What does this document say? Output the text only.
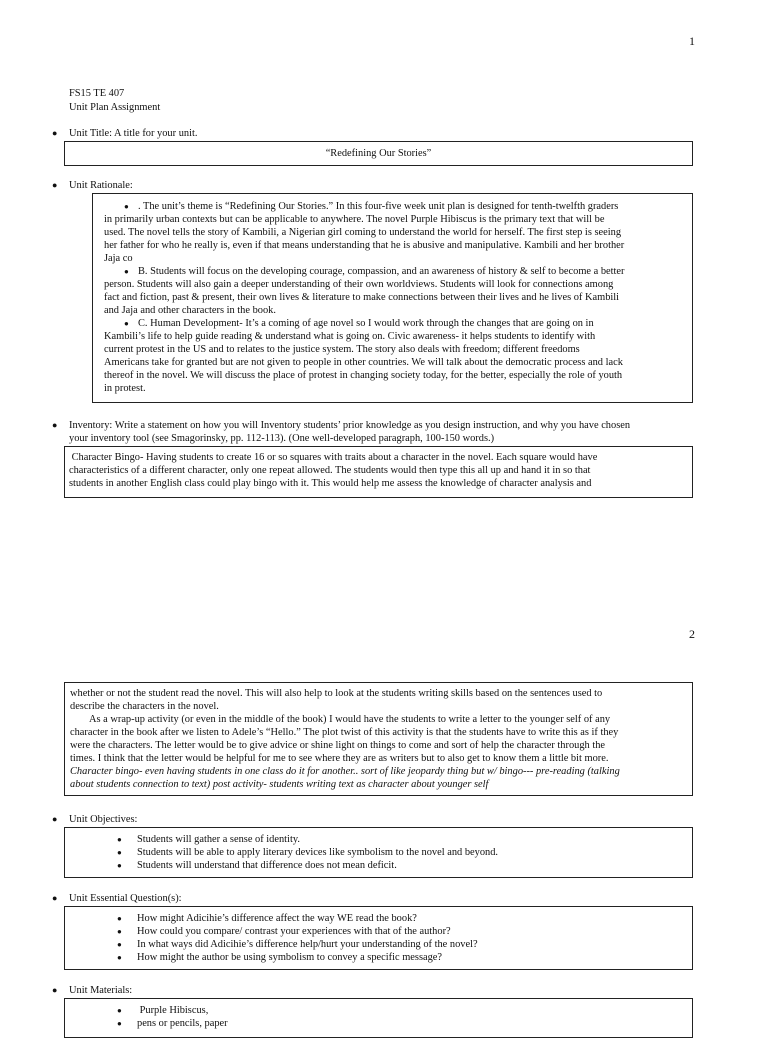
1
FS15 TE 407
Unit Plan Assignment
● Unit Title: A title for your unit.
“Redefining Our Stories”
● Unit Rationale:
● . The unit’s theme is “Redefining Our Stories.” In this four-five week unit plan is designed for tenth-twelfth graders
in primarily urban contexts but can be applicable to anywhere. The novel Purple Hibiscus is the primary text that will be
used. The novel tells the story of Kambili, a Nigerian girl coming to understand the world for herself. The first step is seeing
her father for who he really is, even if that means understanding that he is abusive and manipulative. Kambili and her brother
Jaja co
● B. Students will focus on the developing courage, compassion, and an awareness of history & self to become a better
person. Students will also gain a deeper understanding of their own worldviews. Students will look for connections among
fact and fiction, past & present, their own lives & literature to make connections between their lives and he lives of Kambili
and Jaja and other characters in the book.
● C. Human Development- It’s a coming of age novel so I would work through the changes that are going on in
Kambili’s life to help guide reading & understand what is going on. Civic awareness- it helps students to identify with
current protest in the US and to relates to the justice system. The story also deals with freedom; different freedoms
Americans take for granted but are not given to people in other countries. We will talk about the democratic process and lack
thereof in the novel. We will discuss the place of protest in changing society today, for the better, especially the role of youth
in protest.
● Inventory: Write a statement on how you will Inventory students’ prior knowledge as you design instruction, and why you have chosen
your inventory tool (see Smagorinsky, pp. 112-113). (One well-developed paragraph, 100-150 words.)
Character Bingo- Having students to create 16 or so squares with traits about a character in the novel. Each square would have
characteristics of a different character, only one repeat allowed. The students would then type this all up and hand it in so that
students in another English class could play bingo with it. This would help me assess the knowledge of character analysis and
2
whether or not the student read the novel. This will also help to look at the students writing skills based on the sentences used to
describe the characters in the novel.
As a wrap-up activity (or even in the middle of the book) I would have the students to write a letter to the younger self of any
character in the book after we listen to Adele’s “Hello.” The plot twist of this activity is that the students have to write this as if they
were the characters. The letter would be to give advice or shine light on things to come and sort of help the character through the
times. I think that the letter would be helpful for me to see where they are as writers but to also get to know them a little bit more.
Character bingo- even having students in one class do it for another.. sort of like jeopardy thing but w/ bingo--- pre-reading (talking
about students connection to text) post activity- students writing text as character about younger self
● Unit Objectives:
● Students will gather a sense of identity.
● Students will be able to apply literary devices like symbolism to the novel and beyond.
● Students will understand that difference does not mean deficit.
● Unit Essential Question(s):
● How might Adicihie’s difference affect the way WE read the book?
● How could you compare/ contrast your experiences with that of the author?
● In what ways did Adicihie’s difference help/hurt your understanding of the novel?
● How might the author be using symbolism to convey a specific message?
● Unit Materials:
● Purple Hibiscus,
● pens or pencils, paper
